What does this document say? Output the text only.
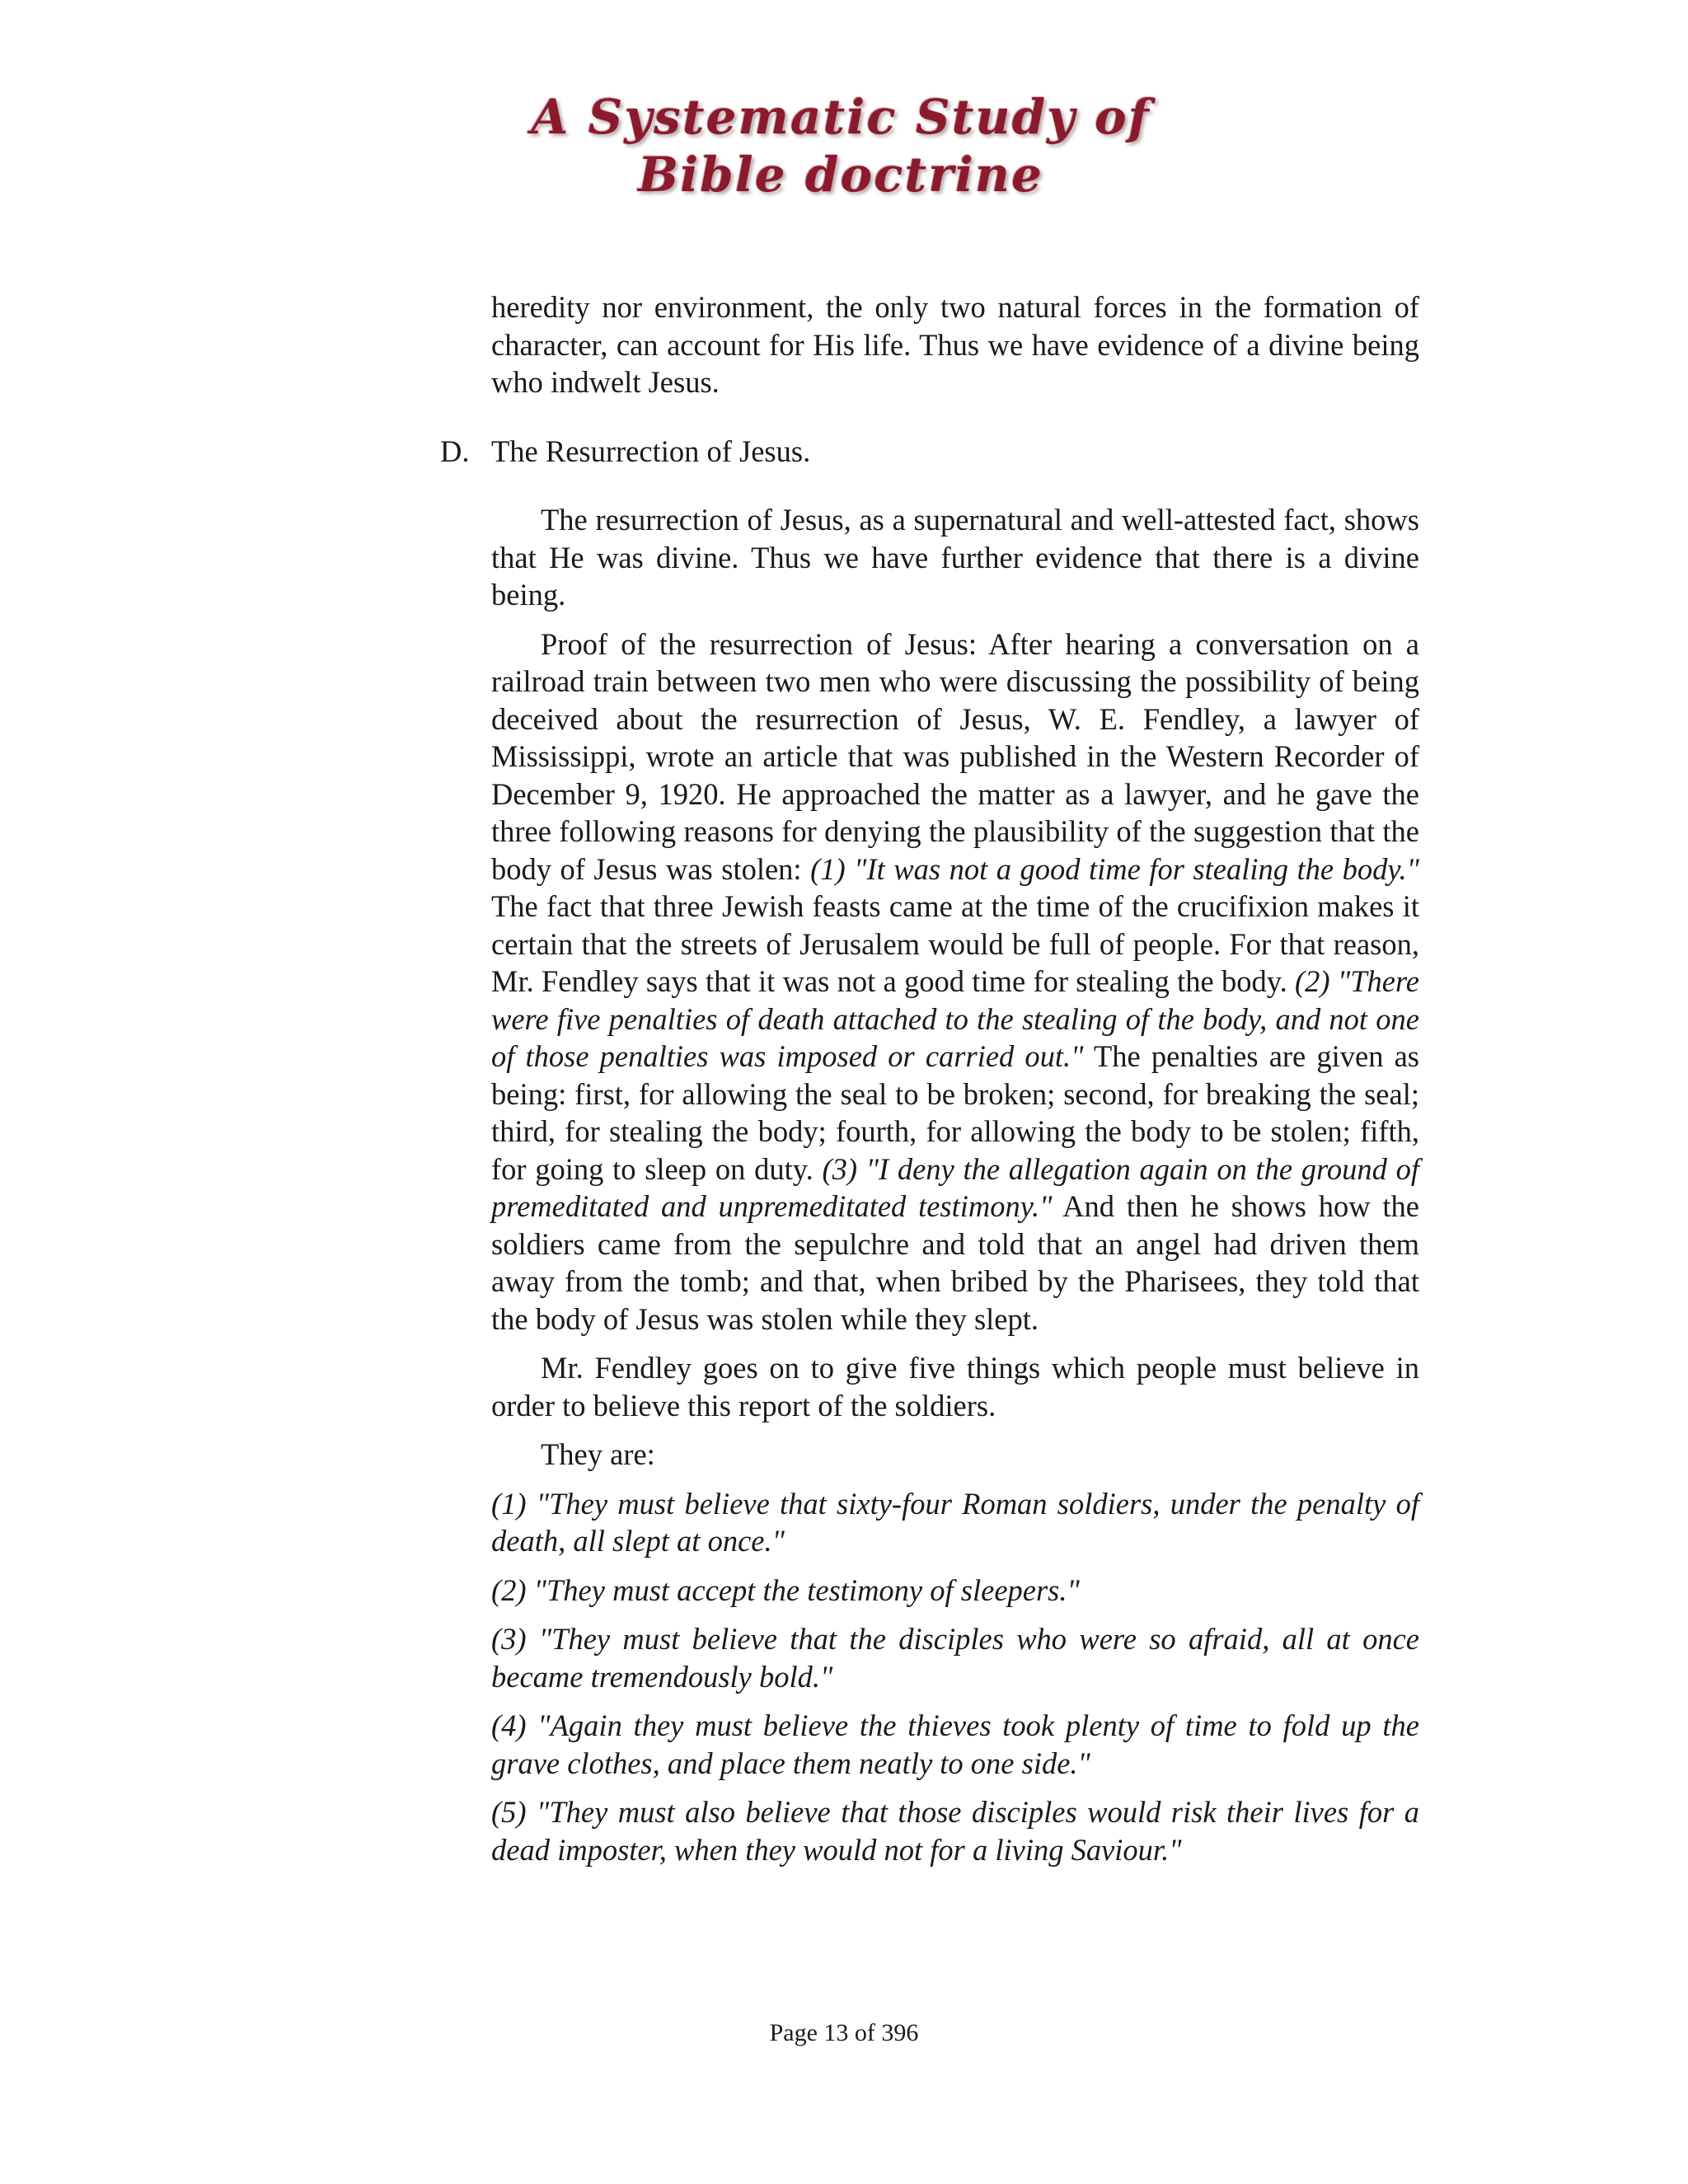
A Systematic Study of
Bible doctrine

heredity nor environment, the only two natural forces in the formation of character, can account for His life. Thus we have evidence of a divine being who indwelt Jesus.

D. The Resurrection of Jesus.

The resurrection of Jesus, as a supernatural and well-attested fact, shows that He was divine. Thus we have further evidence that there is a divine being.

Proof of the resurrection of Jesus: After hearing a conversation on a railroad train between two men who were discussing the possibility of being deceived about the resurrection of Jesus, W. E. Fendley, a lawyer of Mississippi, wrote an article that was published in the Western Recorder of December 9, 1920. He approached the matter as a lawyer, and he gave the three following reasons for denying the plausibility of the suggestion that the body of Jesus was stolen: (1) "It was not a good time for stealing the body." The fact that three Jewish feasts came at the time of the crucifixion makes it certain that the streets of Jerusalem would be full of people. For that reason, Mr. Fendley says that it was not a good time for stealing the body. (2) "There were five penalties of death attached to the stealing of the body, and not one of those penalties was imposed or carried out." The penalties are given as being: first, for allowing the seal to be broken; second, for breaking the seal; third, for stealing the body; fourth, for allowing the body to be stolen; fifth, for going to sleep on duty. (3) "I deny the allegation again on the ground of premeditated and unpremeditated testimony." And then he shows how the soldiers came from the sepulchre and told that an angel had driven them away from the tomb; and that, when bribed by the Pharisees, they told that the body of Jesus was stolen while they slept.

Mr. Fendley goes on to give five things which people must believe in order to believe this report of the soldiers.

They are:

(1) "They must believe that sixty-four Roman soldiers, under the penalty of death, all slept at once."

(2) "They must accept the testimony of sleepers."

(3) "They must believe that the disciples who were so afraid, all at once became tremendously bold."

(4) "Again they must believe the thieves took plenty of time to fold up the grave clothes, and place them neatly to one side."

(5) "They must also believe that those disciples would risk their lives for a dead imposter, when they would not for a living Saviour."

Page 13 of 396
